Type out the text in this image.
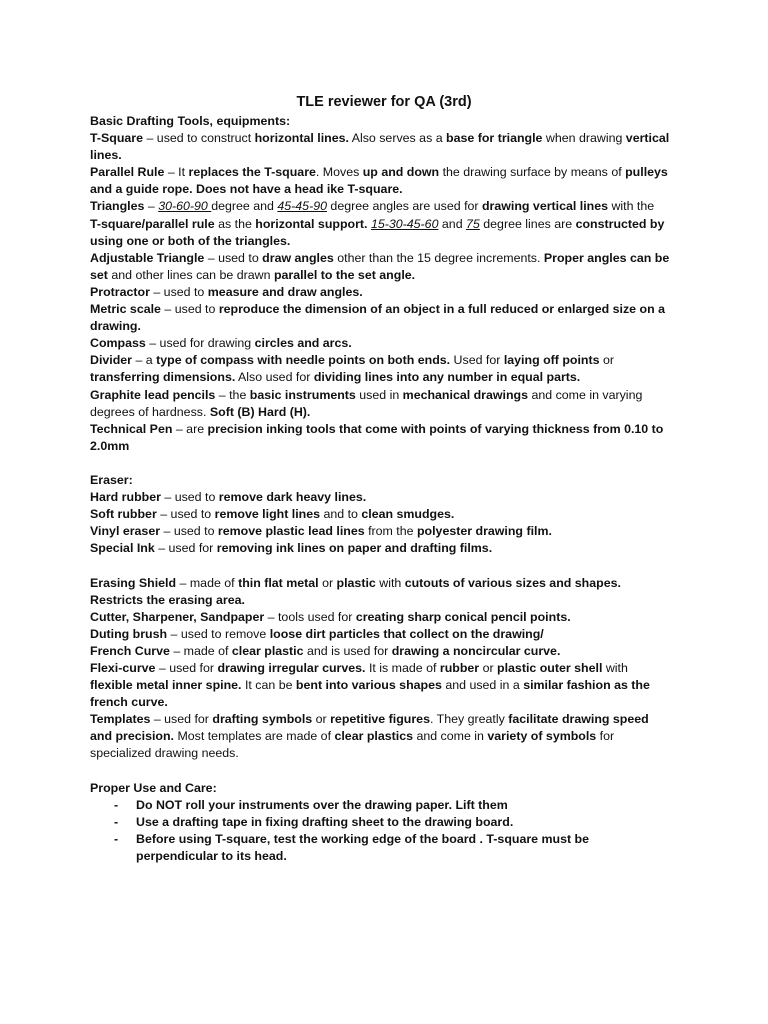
TLE reviewer for QA (3rd)
Basic Drafting Tools, equipments:
T-Square – used to construct horizontal lines. Also serves as a base for triangle when drawing vertical
lines.
Parallel Rule – It replaces the T-square. Moves up and down the drawing surface by means of pulleys
and a guide rope. Does not have a head ike T-square.
Triangles – 30-60-90 degree and 45-45-90 degree angles are used for drawing vertical lines with the
T-square/parallel rule as the horizontal support. 15-30-45-60 and 75 degree lines are constructed by
using one or both of the triangles.
Adjustable Triangle – used to draw angles other than the 15 degree increments. Proper angles can be
set and other lines can be drawn parallel to the set angle.
Protractor – used to measure and draw angles.
Metric scale – used to reproduce the dimension of an object in a full reduced or enlarged size on a
drawing.
Compass – used for drawing circles and arcs.
Divider – a type of compass with needle points on both ends. Used for laying off points or
transferring dimensions. Also used for dividing lines into any number in equal parts.
Graphite lead pencils – the basic instruments used in mechanical drawings and come in varying
degrees of hardness. Soft (B) Hard (H).
Technical Pen – are precision inking tools that come with points of varying thickness from 0.10 to
2.0mm
Eraser:
Hard rubber – used to remove dark heavy lines.
Soft rubber – used to remove light lines and to clean smudges.
Vinyl eraser – used to remove plastic lead lines from the polyester drawing film.
Special Ink – used for removing ink lines on paper and drafting films.
Erasing Shield – made of thin flat metal or plastic with cutouts of various sizes and shapes.
Restricts the erasing area.
Cutter, Sharpener, Sandpaper – tools used for creating sharp conical pencil points.
Duting brush – used to remove loose dirt particles that collect on the drawing/
French Curve – made of clear plastic and is used for drawing a noncircular curve.
Flexi-curve – used for drawing irregular curves. It is made of rubber or plastic outer shell with
flexible metal inner spine. It can be bent into various shapes and used in a similar fashion as the
french curve.
Templates – used for drafting symbols or repetitive figures. They greatly facilitate drawing speed
and precision. Most templates are made of clear plastics and come in variety of symbols for
specialized drawing needs.
Proper Use and Care:
- Do NOT roll your instruments over the drawing paper. Lift them
- Use a drafting tape in fixing drafting sheet to the drawing board.
- Before using T-square, test the working edge of the board . T-square must be
perpendicular to its head.
